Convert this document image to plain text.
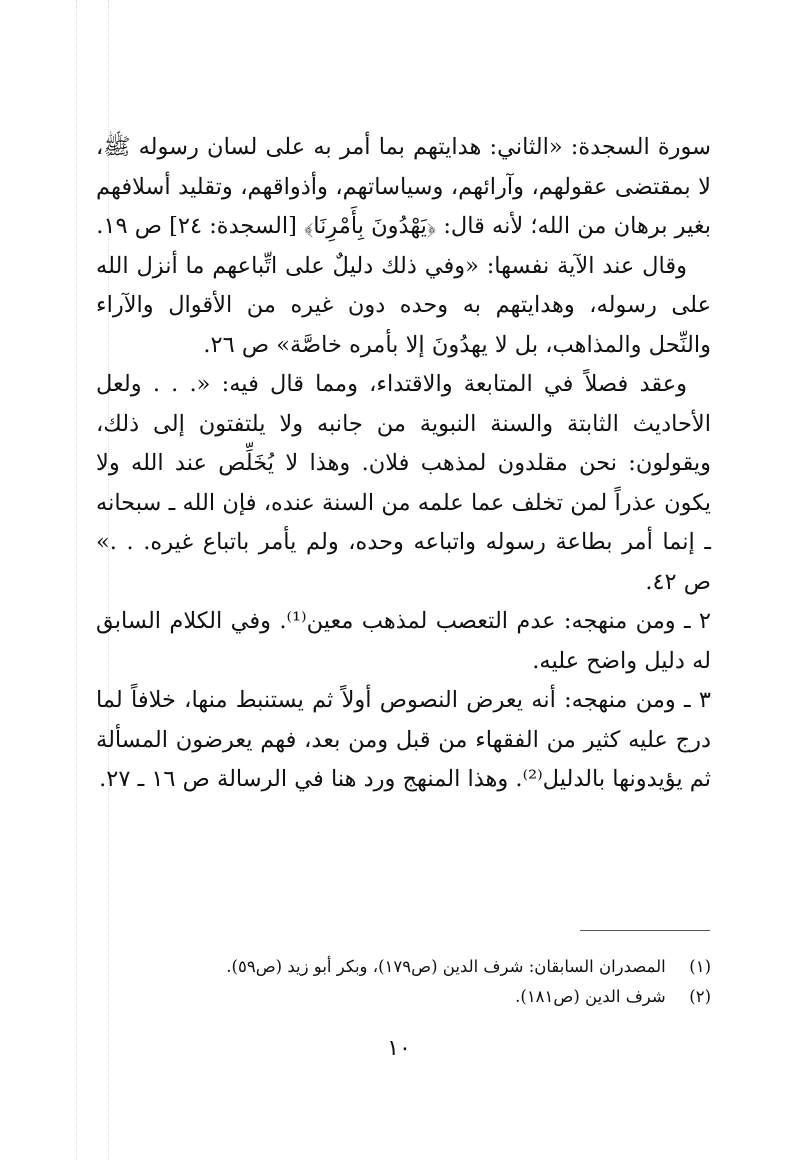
سورة السجدة: «الثاني: هدايتهم بما أمر به على لسان رسوله ﷺ، لا بمقتضى عقولهم، وآرائهم، وسياساتهم، وأذواقهم، وتقليد أسلافهم بغير برهان من الله؛ لأنه قال: ﴿يَهْدُونَ بِأَمْرِنَا﴾ [السجدة: ٢٤] ص ١٩.

وقال عند الآية نفسها: «وفي ذلك دليلٌ على اتِّباعهم ما أنزل الله على رسوله، وهدايتهم به وحده دون غيره من الأقوال والآراء والنِّحل والمذاهب، بل لا يهدُونَ إلا بأمره خاصَّة» ص ٢٦.

وعقد فصلاً في المتابعة والاقتداء، ومما قال فيه: «. . . ولعل الأحاديث الثابتة والسنة النبوية من جانبه ولا يلتفتون إلى ذلك، ويقولون: نحن مقلدون لمذهب فلان. وهذا لا يُخَلِّص عند الله ولا يكون عذراً لمن تخلف عما علمه من السنة عنده، فإن الله ـ سبحانه ـ إنما أمر بطاعة رسوله واتباعه وحده، ولم يأمر باتباع غيره. . .» ص ٤٢.

٢ ـ ومن منهجه: عدم التعصب لمذهب معين⁽¹⁾. وفي الكلام السابق له دليل واضح عليه.

٣ ـ ومن منهجه: أنه يعرض النصوص أولاً ثم يستنبط منها، خلافاً لما درج عليه كثير من الفقهاء من قبل ومن بعد، فهم يعرضون المسألة ثم يؤيدونها بالدليل⁽²⁾. وهذا المنهج ورد هنا في الرسالة ص ١٦ ـ ٢٧.

(١) المصدران السابقان: شرف الدين (ص١٧٩)، وبكر أبو زيد (ص٥٩).

(٢) شرف الدين (ص١٨١).

١٠
